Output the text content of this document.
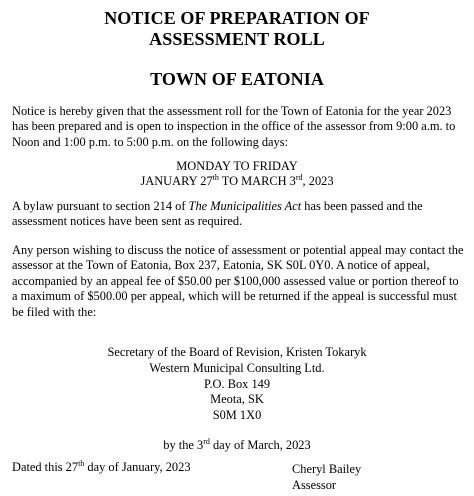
NOTICE OF PREPARATION OF
ASSESSMENT ROLL
TOWN OF EATONIA
Notice is hereby given that the assessment roll for the Town of Eatonia for the year 2023 has been prepared and is open to inspection in the office of the assessor from 9:00 a.m. to Noon and 1:00 p.m. to 5:00 p.m. on the following days:
MONDAY TO FRIDAY
JANUARY 27th TO MARCH 3rd, 2023
A bylaw pursuant to section 214 of The Municipalities Act has been passed and the assessment notices have been sent as required.
Any person wishing to discuss the notice of assessment or potential appeal may contact the assessor at the Town of Eatonia, Box 237, Eatonia, SK S0L 0Y0. A notice of appeal, accompanied by an appeal fee of $50.00 per $100,000 assessed value or portion thereof to a maximum of $500.00 per appeal, which will be returned if the appeal is successful must be filed with the:
Secretary of the Board of Revision, Kristen Tokaryk
Western Municipal Consulting Ltd.
P.O. Box 149
Meota, SK
S0M 1X0
by the 3rd day of March, 2023
Dated this 27th day of January, 2023	Cheryl Bailey
Assessor
